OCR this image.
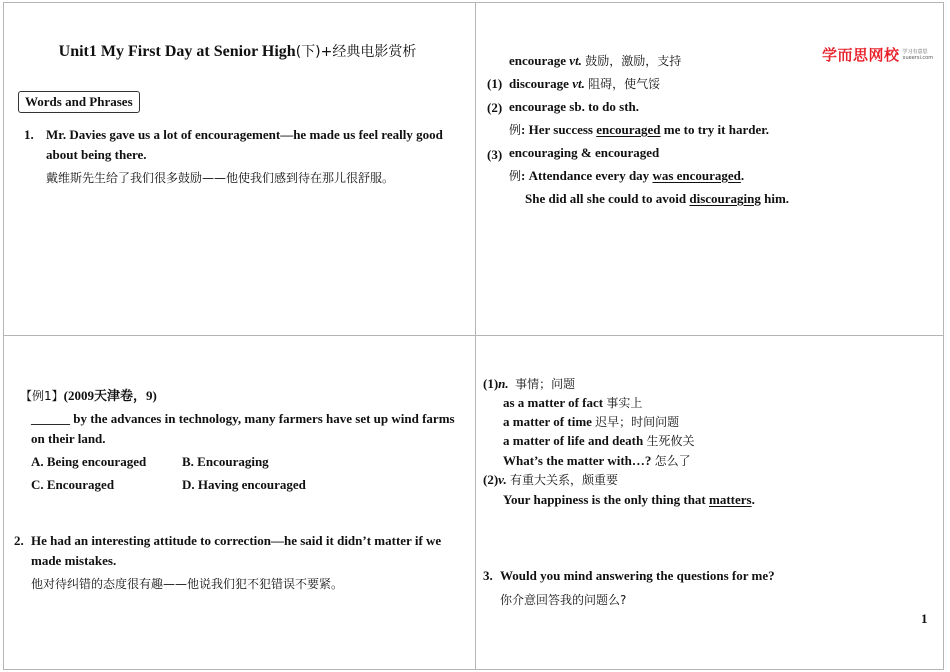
Unit1 My First Day at Senior High(下)+经典电影赏析
Words and Phrases
1. Mr. Davies gave us a lot of encouragement—he made us feel really good
about being there.
戴维斯先生给了我们很多鼓励——他使我们感到待在那儿很舒服。
学而思网校 学习有意思
xueersi.com
encourage vt. 鼓励，激励，支持
(1) discourage vt. 阻碍，使气馁
(2) encourage sb. to do sth.
例: Her success encouraged me to try it harder.
(3) encouraging & encouraged
例: Attendance every day was encouraged.
She did all she could to avoid discouraging him.
【例1】(2009天津卷，9)
______ by the advances in technology, many farmers have set up wind farms
on their land.
A. Being encouraged	B. Encouraging
C. Encouraged	D. Having encouraged
2. He had an interesting attitude to correction—he said it didn’t matter if we
made mistakes.
他对待纠错的态度很有趣——他说我们犯不犯错误不要紧。
(1)n. 事情；问题
as a matter of fact 事实上
a matter of time 迟早；时间问题
a matter of life and death 生死攸关
What’s the matter with…? 怎么了
(2)v. 有重大关系，颇重要
Your happiness is the only thing that matters.
3. Would you mind answering the questions for me?
你介意回答我的问题么?
1
